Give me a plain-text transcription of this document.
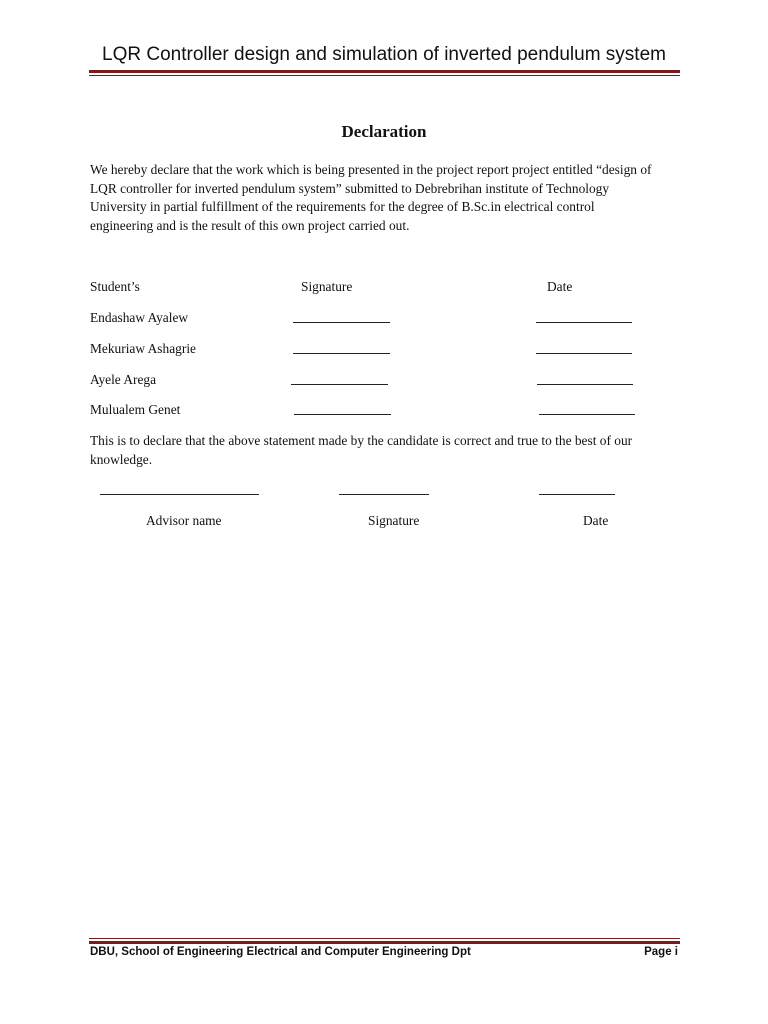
LQR Controller design and simulation of inverted pendulum system
Declaration
We hereby declare that the work which is being presented in the project report project entitled “design of
LQR controller for inverted pendulum system” submitted to Debrebrihan institute of Technology
University in partial fulfillment of the requirements for the degree of B.Sc.in electrical control
engineering and is the result of this own project carried out.
Student’s	Signature	Date
Endashaw Ayalew
Mekuriaw Ashagrie
Ayele Arega
Mulualem Genet
This is to declare that the above statement made by the candidate is correct and true to the best of our
knowledge.
Advisor name	Signature	Date
DBU, School of Engineering Electrical and Computer Engineering Dpt	Page i
